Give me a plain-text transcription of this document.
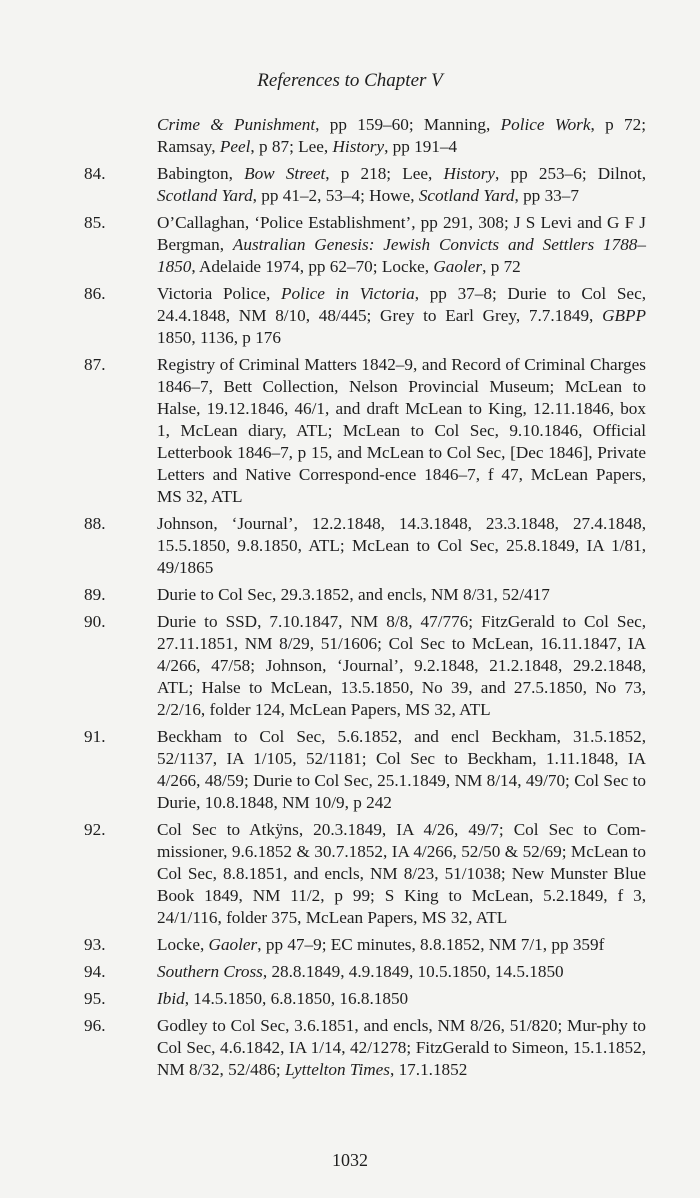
References to Chapter V
Crime & Punishment, pp 159–60; Manning, Police Work, p 72; Ramsay, Peel, p 87; Lee, History, pp 191–4
84.	Babington, Bow Street, p 218; Lee, History, pp 253–6; Dilnot, Scotland Yard, pp 41–2, 53–4; Howe, Scotland Yard, pp 33–7
85.	O’Callaghan, ‘Police Establishment’, pp 291, 308; J S Levi and G F J Bergman, Australian Genesis: Jewish Convicts and Settlers 1788–1850, Adelaide 1974, pp 62–70; Locke, Gaoler, p 72
86.	Victoria Police, Police in Victoria, pp 37–8; Durie to Col Sec, 24.4.1848, NM 8/10, 48/445; Grey to Earl Grey, 7.7.1849, GBPP 1850, 1136, p 176
87.	Registry of Criminal Matters 1842–9, and Record of Criminal Charges 1846–7, Bett Collection, Nelson Provincial Museum; McLean to Halse, 19.12.1846, 46/1, and draft McLean to King, 12.11.1846, box 1, McLean diary, ATL; McLean to Col Sec, 9.10.1846, Official Letterbook 1846–7, p 15, and McLean to Col Sec, [Dec 1846], Private Letters and Native Correspond-ence 1846–7, f 47, McLean Papers, MS 32, ATL
88.	Johnson, ‘Journal’, 12.2.1848, 14.3.1848, 23.3.1848, 27.4.1848, 15.5.1850, 9.8.1850, ATL; McLean to Col Sec, 25.8.1849, IA 1/81, 49/1865
89.	Durie to Col Sec, 29.3.1852, and encls, NM 8/31, 52/417
90.	Durie to SSD, 7.10.1847, NM 8/8, 47/776; FitzGerald to Col Sec, 27.11.1851, NM 8/29, 51/1606; Col Sec to McLean, 16.11.1847, IA 4/266, 47/58; Johnson, ‘Journal’, 9.2.1848, 21.2.1848, 29.2.1848, ATL; Halse to McLean, 13.5.1850, No 39, and 27.5.1850, No 73, 2/2/16, folder 124, McLean Papers, MS 32, ATL
91.	Beckham to Col Sec, 5.6.1852, and encl Beckham, 31.5.1852, 52/1137, IA 1/105, 52/1181; Col Sec to Beckham, 1.11.1848, IA 4/266, 48/59; Durie to Col Sec, 25.1.1849, NM 8/14, 49/70; Col Sec to Durie, 10.8.1848, NM 10/9, p 242
92.	Col Sec to Atkÿns, 20.3.1849, IA 4/26, 49/7; Col Sec to Com-missioner, 9.6.1852 & 30.7.1852, IA 4/266, 52/50 & 52/69; McLean to Col Sec, 8.8.1851, and encls, NM 8/23, 51/1038; New Munster Blue Book 1849, NM 11/2, p 99; S King to McLean, 5.2.1849, f 3, 24/1/116, folder 375, McLean Papers, MS 32, ATL
93.	Locke, Gaoler, pp 47–9; EC minutes, 8.8.1852, NM 7/1, pp 359f
94.	Southern Cross, 28.8.1849, 4.9.1849, 10.5.1850, 14.5.1850
95.	Ibid, 14.5.1850, 6.8.1850, 16.8.1850
96.	Godley to Col Sec, 3.6.1851, and encls, NM 8/26, 51/820; Mur-phy to Col Sec, 4.6.1842, IA 1/14, 42/1278; FitzGerald to Simeon, 15.1.1852, NM 8/32, 52/486; Lyttelton Times, 17.1.1852
1032
